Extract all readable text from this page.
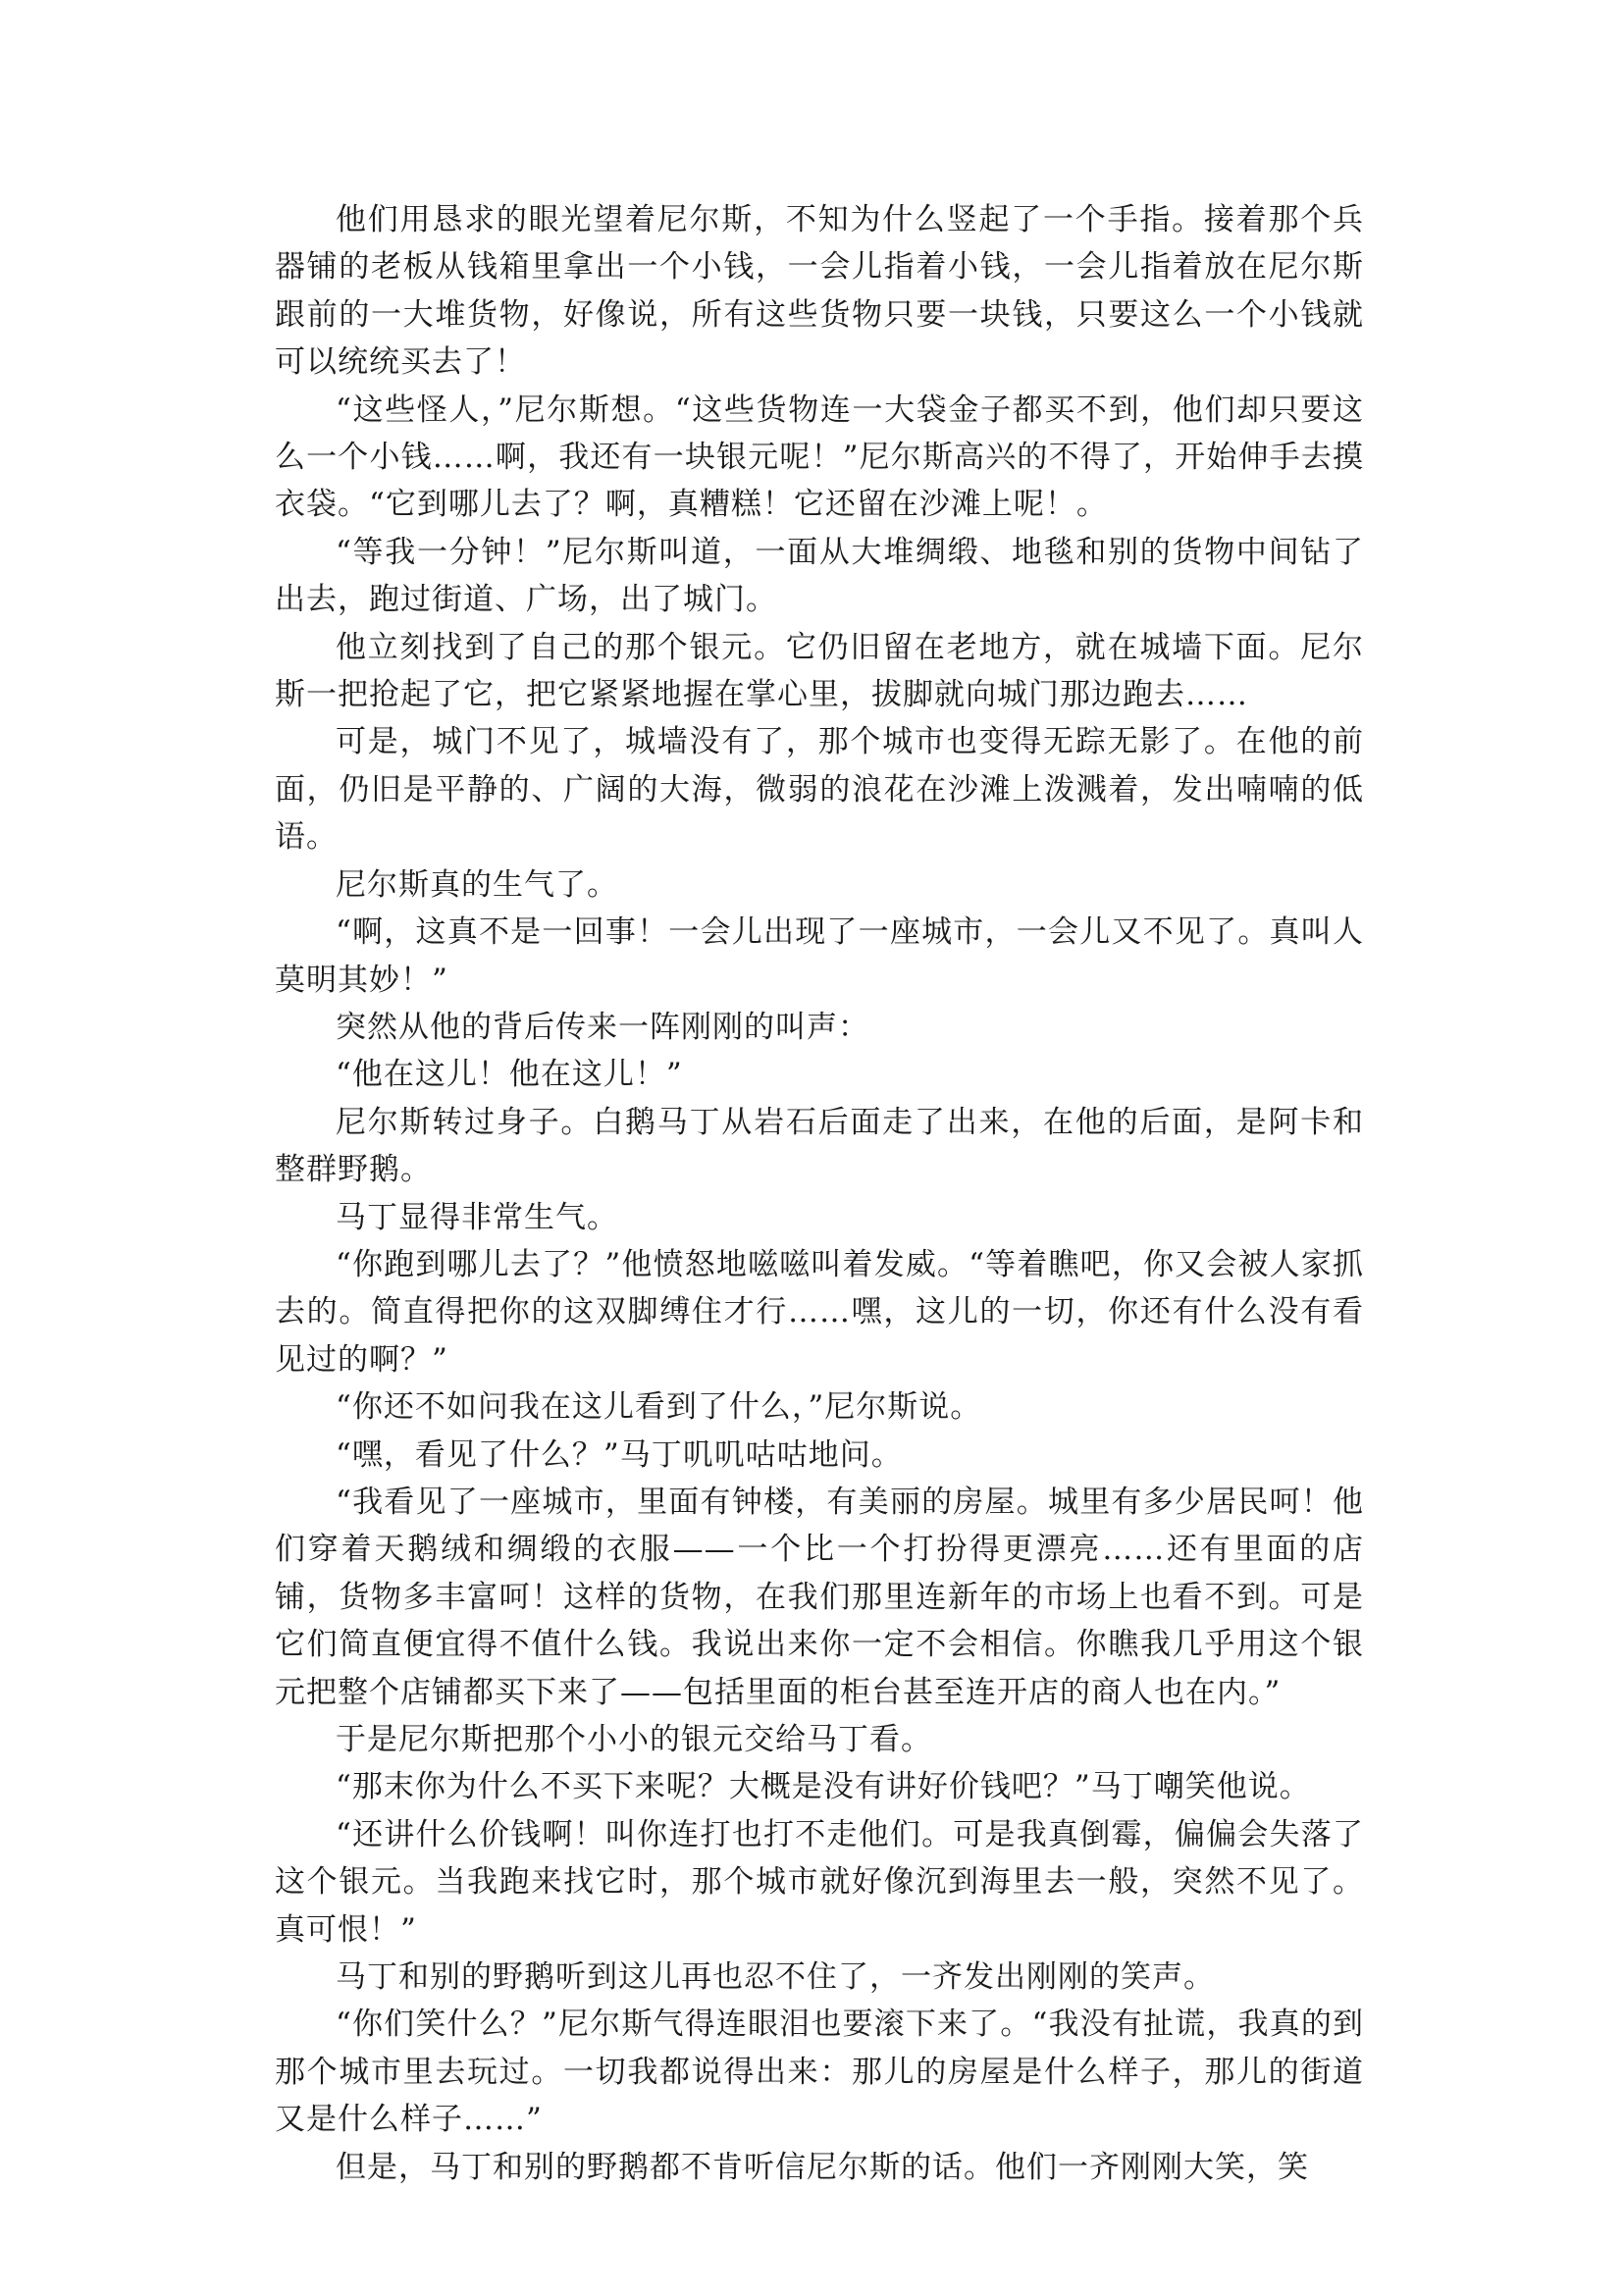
他们用恳求的眼光望着尼尔斯，不知为什么竖起了一个手指。接着那个兵器铺的老板从钱箱里拿出一个小钱，一会儿指着小钱，一会儿指着放在尼尔斯跟前的一大堆货物，好像说，所有这些货物只要一块钱，只要这么一个小钱就可以统统买去了！

“这些怪人，”尼尔斯想。“这些货物连一大袋金子都买不到，他们却只要这么一个小钱……啊，我还有一块银元呢！”尼尔斯高兴的不得了，开始伸手去摸衣袋。“它到哪儿去了？啊，真糟糕！它还留在沙滩上呢！。

“等我一分钟！”尼尔斯叫道，一面从大堆绸缎、地毯和别的货物中间钻了出去，跑过街道、广场，出了城门。

他立刻找到了自己的那个银元。它仍旧留在老地方，就在城墙下面。尼尔斯一把抢起了它，把它紧紧地握在掌心里，拔脚就向城门那边跑去……

可是，城门不见了，城墙没有了，那个城市也变得无踪无影了。在他的前面，仍旧是平静的、广阔的大海，微弱的浪花在沙滩上泼溅着，发出喃喃的低语。

尼尔斯真的生气了。

“啊，这真不是一回事！一会儿出现了一座城市，一会儿又不见了。真叫人莫明其妙！”

突然从他的背后传来一阵刚刚的叫声：

“他在这儿！他在这儿！”

尼尔斯转过身子。白鹅马丁从岩石后面走了出来，在他的后面，是阿卡和整群野鹅。

马丁显得非常生气。

“你跑到哪儿去了？”他愤怒地嗞嗞叫着发威。“等着瞧吧，你又会被人家抓去的。简直得把你的这双脚缚住才行……嘿，这儿的一切，你还有什么没有看见过的啊？”

“你还不如问我在这儿看到了什么，”尼尔斯说。

“嘿，看见了什么？”马丁叽叽咕咕地问。

“我看见了一座城市，里面有钟楼，有美丽的房屋。城里有多少居民呵！他们穿着天鹅绒和绸缎的衣服——一个比一个打扮得更漂亮……还有里面的店铺，货物多丰富呵！这样的货物，在我们那里连新年的市场上也看不到。可是它们简直便宜得不值什么钱。我说出来你一定不会相信。你瞧我几乎用这个银元把整个店铺都买下来了——包括里面的柜台甚至连开店的商人也在内。”

于是尼尔斯把那个小小的银元交给马丁看。

“那末你为什么不买下来呢？大概是没有讲好价钱吧？”马丁嘲笑他说。

“还讲什么价钱啊！叫你连打也打不走他们。可是我真倒霉，偏偏会失落了这个银元。当我跑来找它时，那个城市就好像沉到海里去一般，突然不见了。真可恨！”

马丁和别的野鹅听到这儿再也忍不住了，一齐发出刚刚的笑声。

“你们笑什么？”尼尔斯气得连眼泪也要滚下来了。“我没有扯谎，我真的到那个城市里去玩过。一切我都说得出来：那儿的房屋是什么样子，那儿的街道又是什么样子……”

但是，马丁和别的野鹅都不肯听信尼尔斯的话。他们一齐刚刚大笑，笑
